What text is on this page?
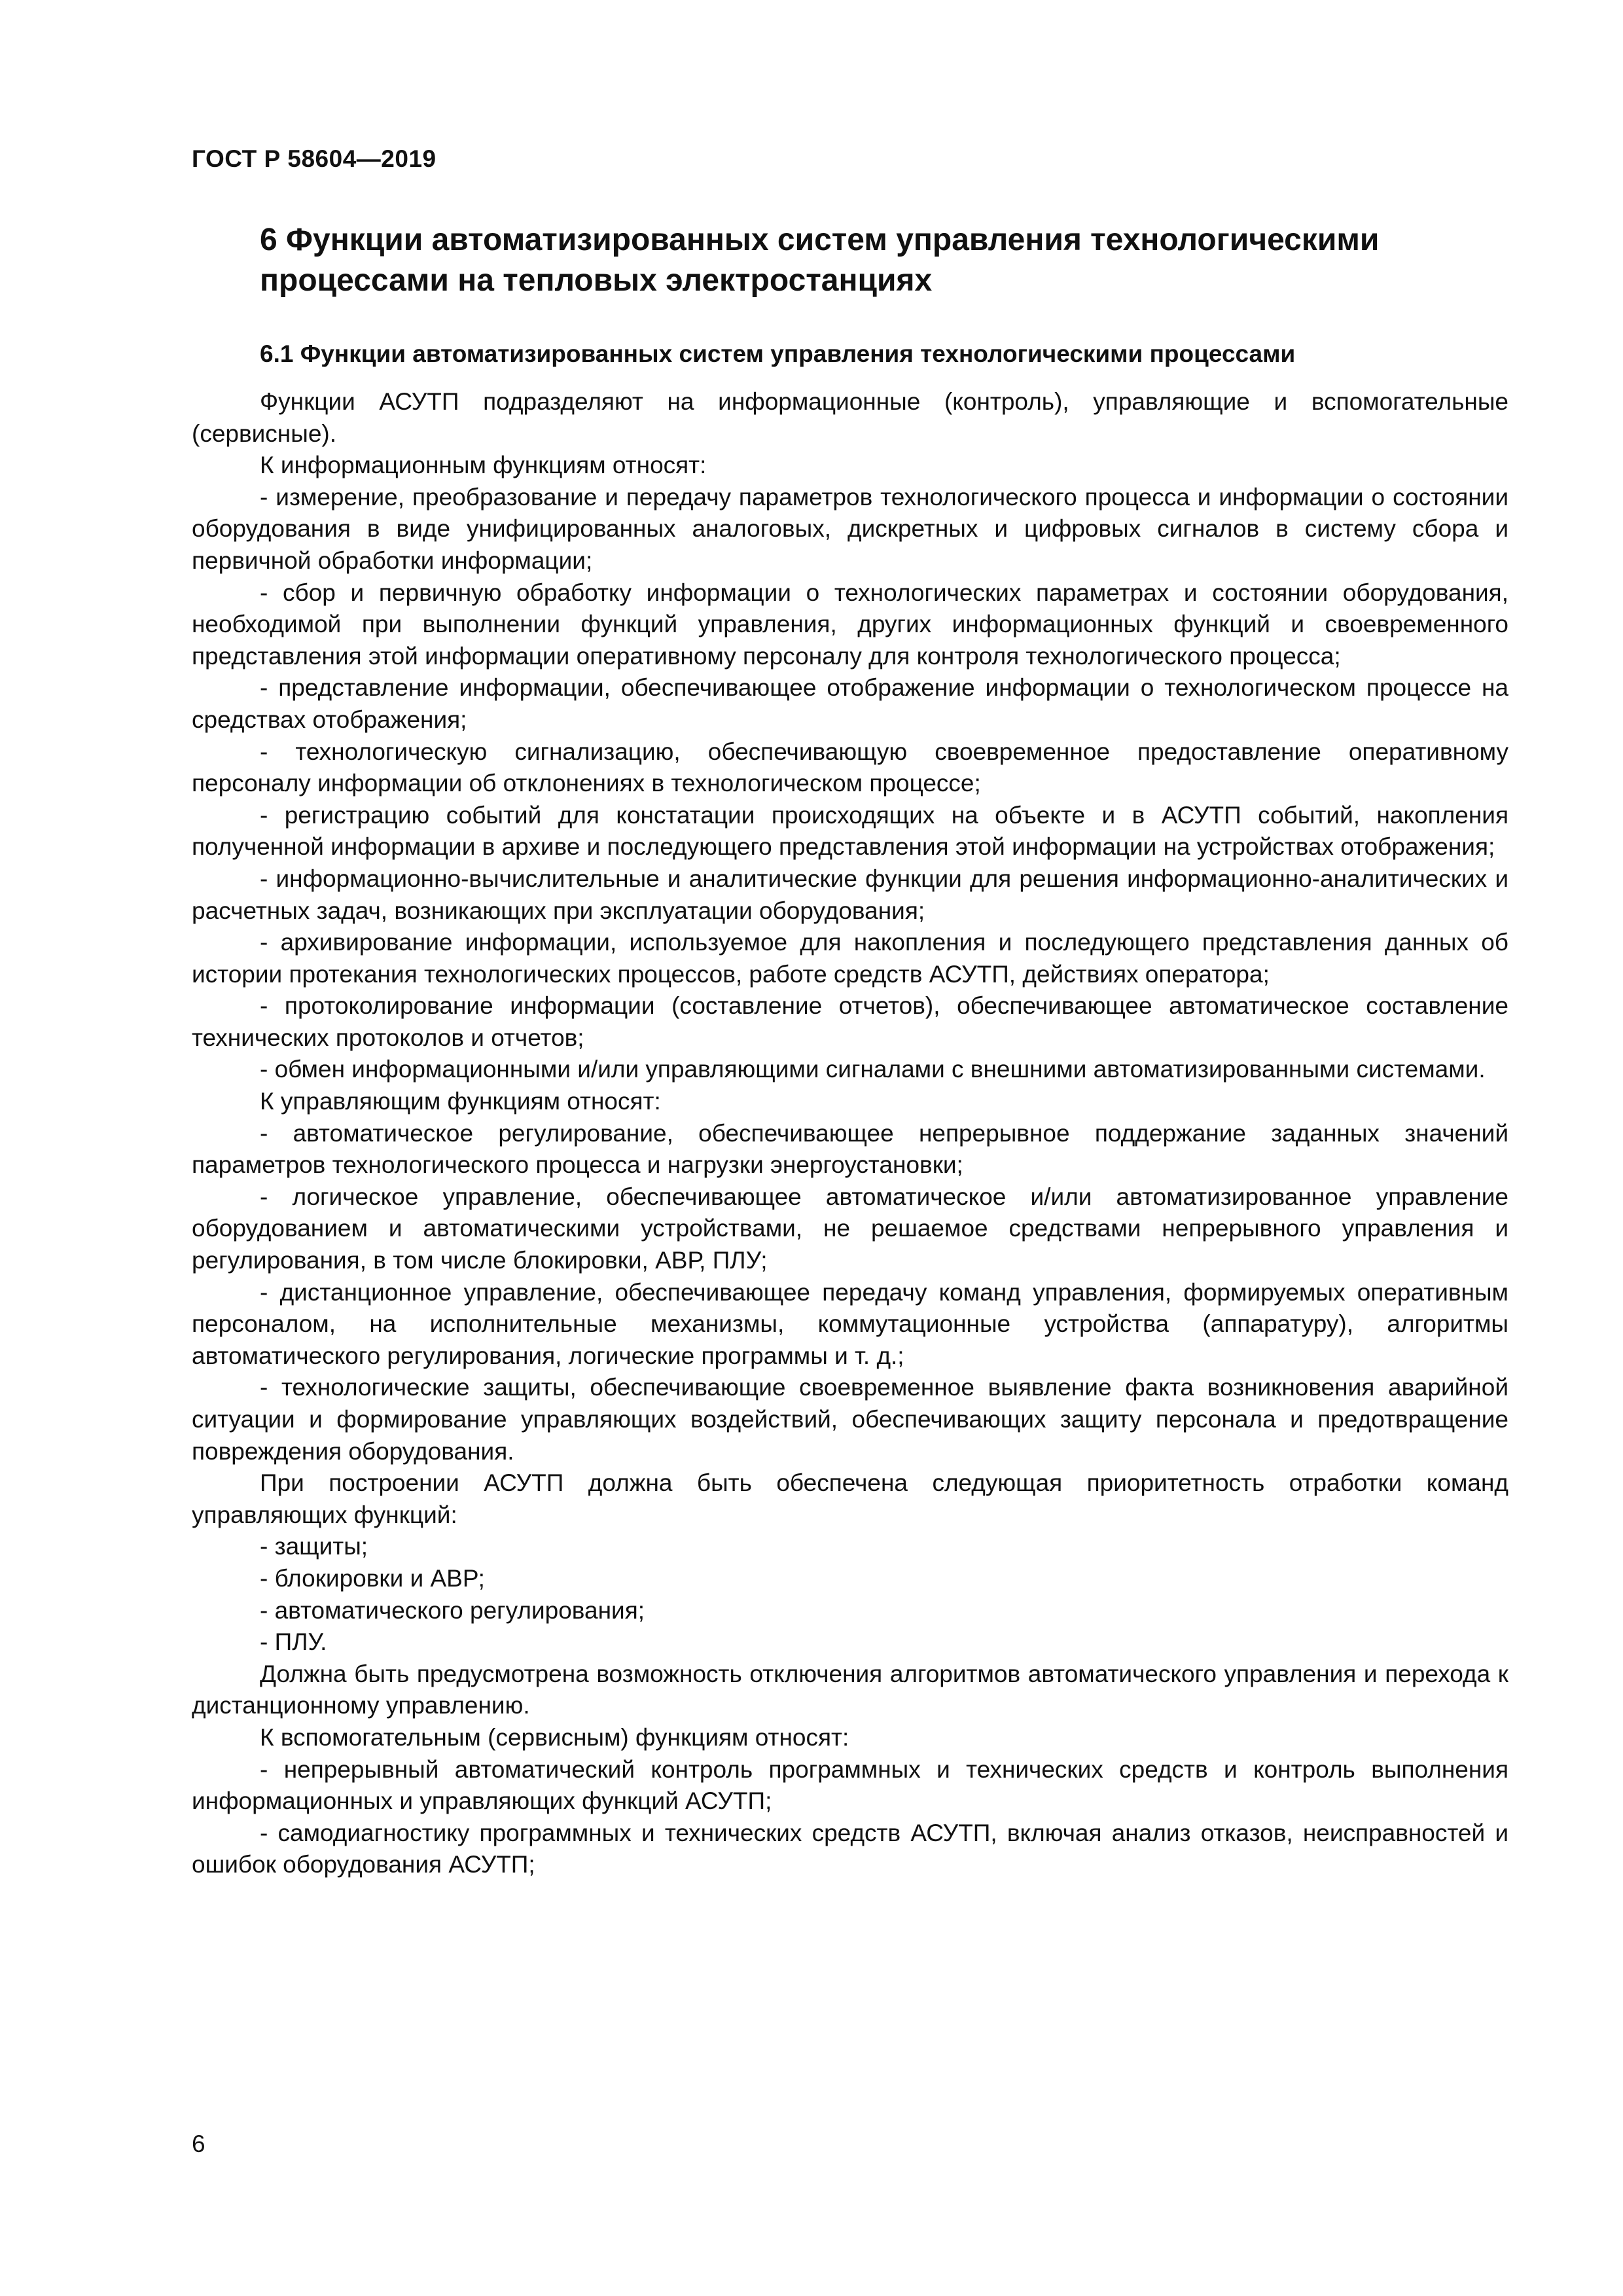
ГОСТ Р 58604—2019
6 Функции автоматизированных систем управления технологическими процессами на тепловых электростанциях
6.1 Функции автоматизированных систем управления технологическими процессами

Функции АСУТП подразделяют на информационные (контроль), управляющие и вспомогательные (сервисные).

К информационным функциям относят:

- измерение, преобразование и передачу параметров технологического процесса и информации о состоянии оборудования в виде унифицированных аналоговых, дискретных и цифровых сигналов в систему сбора и первичной обработки информации;

- сбор и первичную обработку информации о технологических параметрах и состоянии оборудования, необходимой при выполнении функций управления, других информационных функций и своевременного представления этой информации оперативному персоналу для контроля технологического процесса;

- представление информации, обеспечивающее отображение информации о технологическом процессе на средствах отображения;

- технологическую сигнализацию, обеспечивающую своевременное предоставление оперативному персоналу информации об отклонениях в технологическом процессе;

- регистрацию событий для констатации происходящих на объекте и в АСУТП событий, накопления полученной информации в архиве и последующего представления этой информации на устройствах отображения;

- информационно-вычислительные и аналитические функции для решения информационно-аналитических и расчетных задач, возникающих при эксплуатации оборудования;

- архивирование информации, используемое для накопления и последующего представления данных об истории протекания технологических процессов, работе средств АСУТП, действиях оператора;

- протоколирование информации (составление отчетов), обеспечивающее автоматическое составление технических протоколов и отчетов;

- обмен информационными и/или управляющими сигналами с внешними автоматизированными системами.

К управляющим функциям относят:

- автоматическое регулирование, обеспечивающее непрерывное поддержание заданных значений параметров технологического процесса и нагрузки энергоустановки;

- логическое управление, обеспечивающее автоматическое и/или автоматизированное управление оборудованием и автоматическими устройствами, не решаемое средствами непрерывного управления и регулирования, в том числе блокировки, АВР, ПЛУ;

- дистанционное управление, обеспечивающее передачу команд управления, формируемых оперативным персоналом, на исполнительные механизмы, коммутационные устройства (аппаратуру), алгоритмы автоматического регулирования, логические программы и т. д.;

- технологические защиты, обеспечивающие своевременное выявление факта возникновения аварийной ситуации и формирование управляющих воздействий, обеспечивающих защиту персонала и предотвращение повреждения оборудования.

При построении АСУТП должна быть обеспечена следующая приоритетность отработки команд управляющих функций:

- защиты;

- блокировки и АВР;

- автоматического регулирования;

- ПЛУ.

Должна быть предусмотрена возможность отключения алгоритмов автоматического управления и перехода к дистанционному управлению.

К вспомогательным (сервисным) функциям относят:

- непрерывный автоматический контроль программных и технических средств и контроль выполнения информационных и управляющих функций АСУТП;

- самодиагностику программных и технических средств АСУТП, включая анализ отказов, неисправностей и ошибок оборудования АСУТП;

6
